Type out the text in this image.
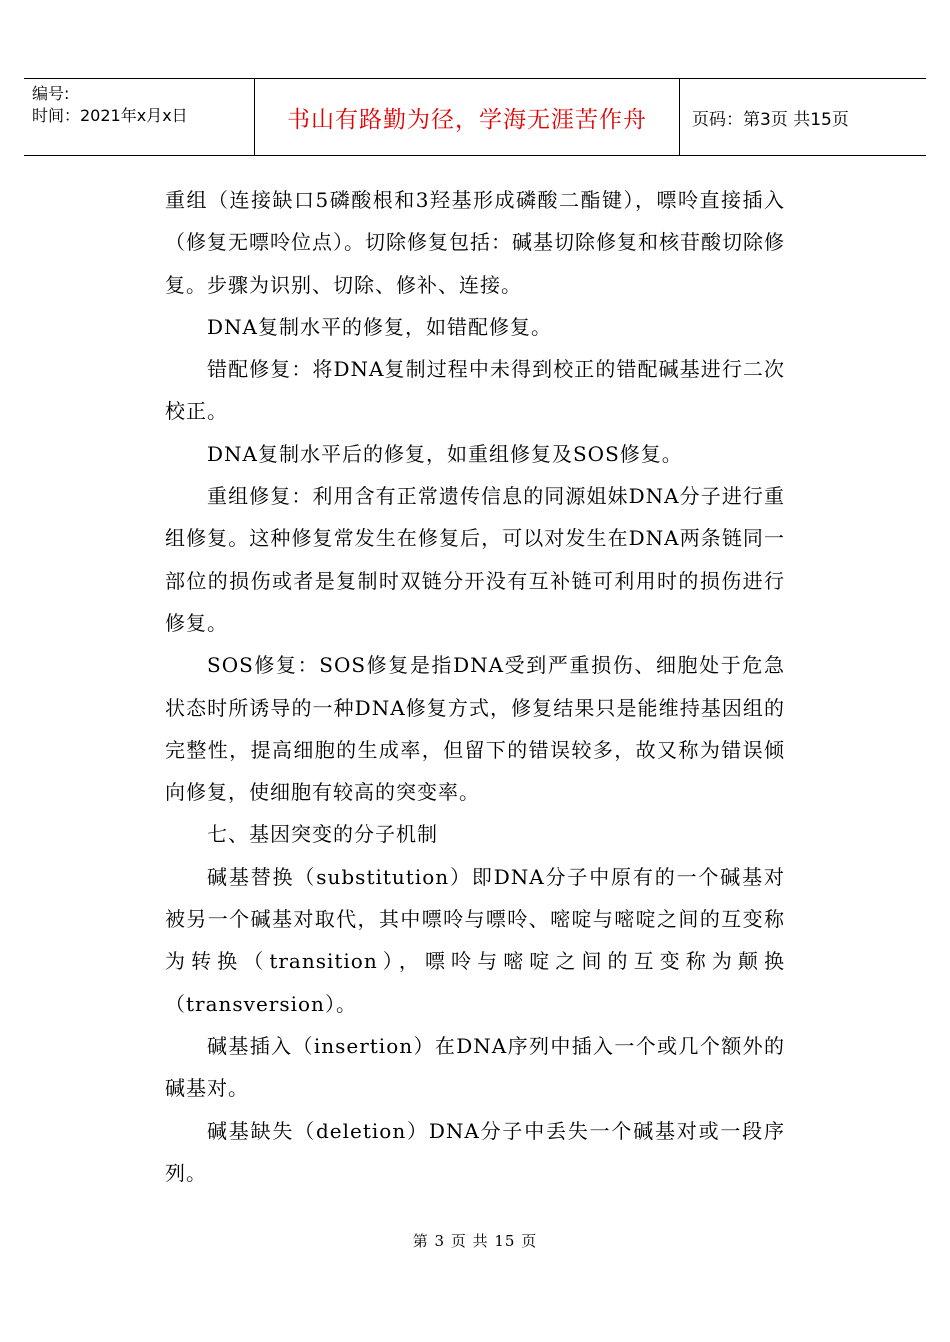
编号:
时间：2021年x月x日	书山有路勤为径，学海无涯苦作舟	页码：第3页 共15页

重组（连接缺口5磷酸根和3羟基形成磷酸二酯键），嘌呤直接插入（修复无嘌呤位点）。切除修复包括：碱基切除修复和核苷酸切除修复。步骤为识别、切除、修补、连接。

DNA复制水平的修复，如错配修复。

错配修复：将DNA复制过程中未得到校正的错配碱基进行二次校正。

DNA复制水平后的修复，如重组修复及SOS修复。

重组修复：利用含有正常遗传信息的同源姐妹DNA分子进行重组修复。这种修复常发生在修复后，可以对发生在DNA两条链同一部位的损伤或者是复制时双链分开没有互补链可利用时的损伤进行修复。

SOS修复：SOS修复是指DNA受到严重损伤、细胞处于危急状态时所诱导的一种DNA修复方式，修复结果只是能维持基因组的完整性，提高细胞的生成率，但留下的错误较多，故又称为错误倾向修复，使细胞有较高的突变率。

七、基因突变的分子机制

碱基替换（substitution）即DNA分子中原有的一个碱基对被另一个碱基对取代，其中嘌呤与嘌呤、嘧啶与嘧啶之间的互变称为转换（transition），嘌呤与嘧啶之间的互变称为颠换（transversion）。

碱基插入（insertion）在DNA序列中插入一个或几个额外的碱基对。

碱基缺失（deletion）DNA分子中丢失一个碱基对或一段序列。

第 3 页 共 15 页
